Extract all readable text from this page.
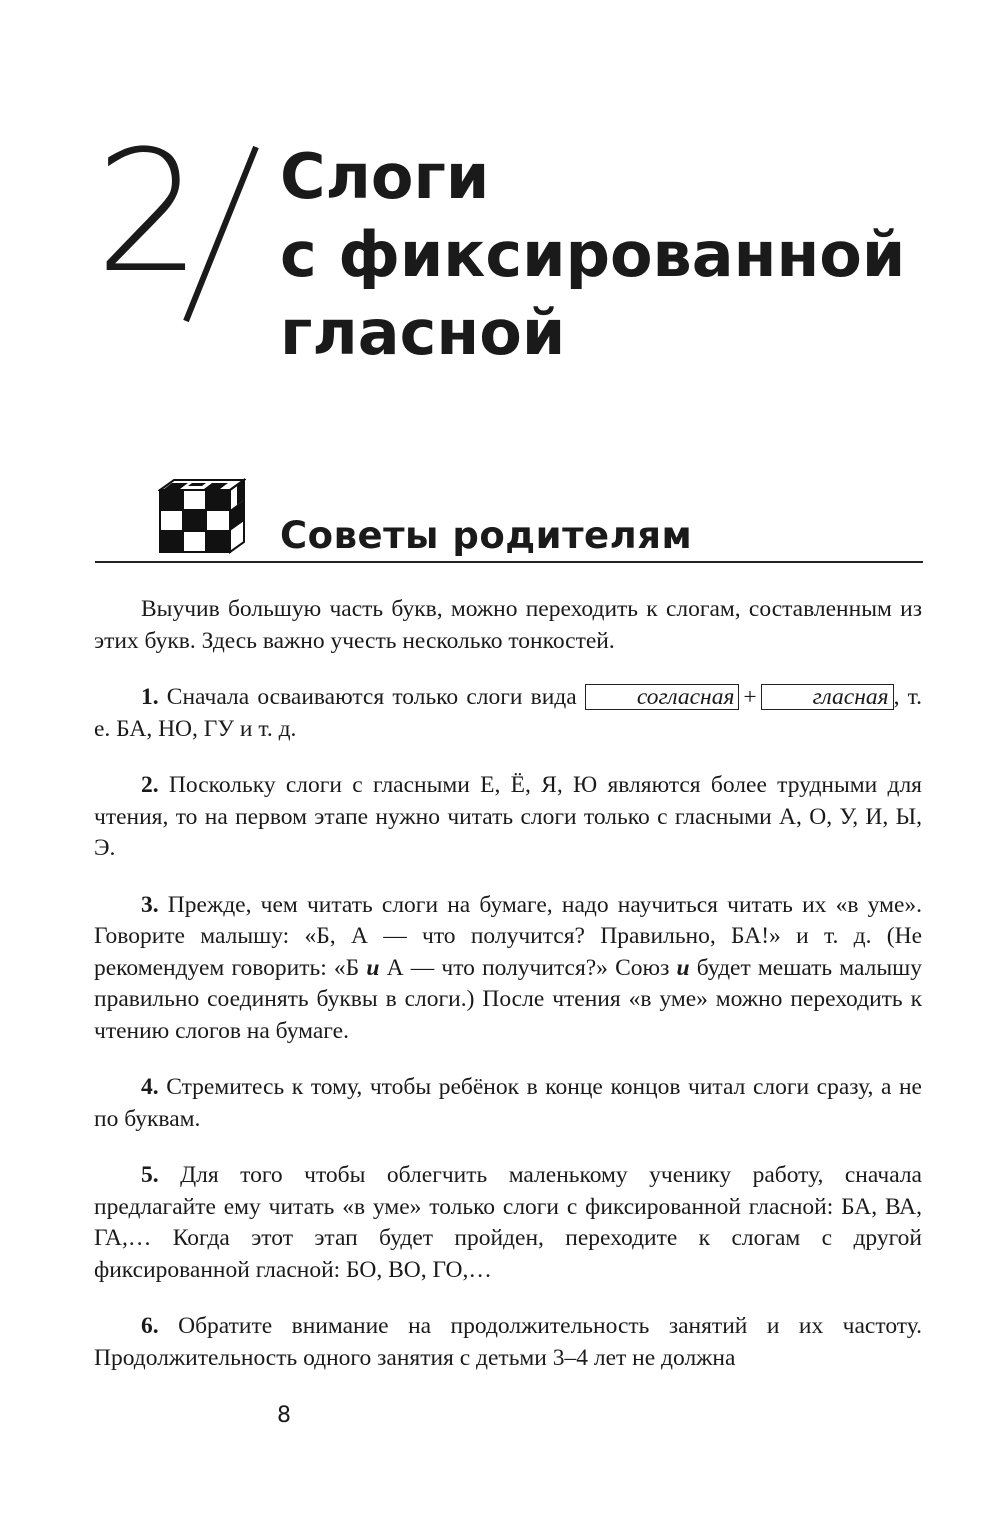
2 Слоги
с фиксированной
гласной
Советы родителям

Выучив большую часть букв, можно переходить к слогам, составленным из этих букв. Здесь важно учесть несколько тонкостей.

1. Сначала осваиваются только слоги вида согласная + гласная , т. е. БА, НО, ГУ и т. д.

2. Поскольку слоги с гласными Е, Ё, Я, Ю являются более трудными для чтения, то на первом этапе нужно читать слоги только с гласными А, О, У, И, Ы, Э.

3. Прежде, чем читать слоги на бумаге, надо научиться читать их «в уме». Говорите малышу: «Б, А — что получится? Правильно, БА!» и т. д. (Не рекомендуем говорить: «Б и А — что получится?» Союз и будет мешать малышу правильно соединять буквы в слоги.) После чтения «в уме» можно переходить к чтению слогов на бумаге.

4. Стремитесь к тому, чтобы ребёнок в конце концов читал слоги сразу, а не по буквам.

5. Для того чтобы облегчить маленькому ученику работу, сначала предлагайте ему читать «в уме» только слоги с фиксированной гласной: БА, ВА, ГА,… Когда этот этап будет пройден, переходите к слогам с другой фиксированной гласной: БО, ВО, ГО,…

6. Обратите внимание на продолжительность занятий и их частоту. Продолжительность одного занятия с детьми 3–4 лет не должна

8
